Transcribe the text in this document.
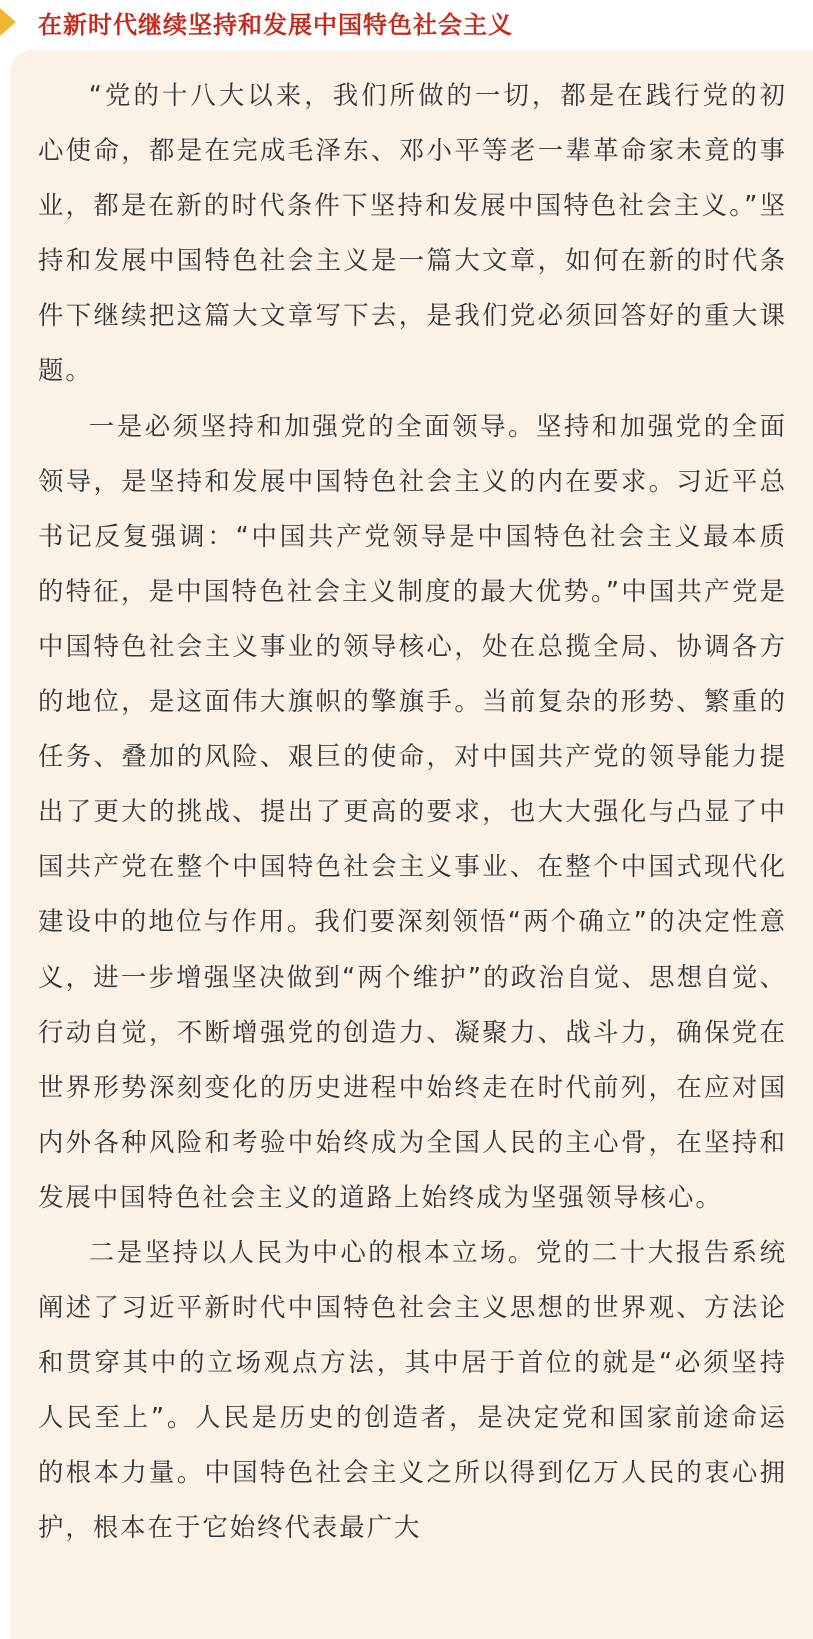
在新时代继续坚持和发展中国特色社会主义

“党的十八大以来，我们所做的一切，都是在践行党的初心使命，都是在完成毛泽东、邓小平等老一辈革命家未竟的事业，都是在新的时代条件下坚持和发展中国特色社会主义。”坚持和发展中国特色社会主义是一篇大文章，如何在新的时代条件下继续把这篇大文章写下去，是我们党必须回答好的重大课题。

一是必须坚持和加强党的全面领导。坚持和加强党的全面领导，是坚持和发展中国特色社会主义的内在要求。习近平总书记反复强调：“中国共产党领导是中国特色社会主义最本质的特征，是中国特色社会主义制度的最大优势。”中国共产党是中国特色社会主义事业的领导核心，处在总揽全局、协调各方的地位，是这面伟大旗帜的擎旗手。当前复杂的形势、繁重的任务、叠加的风险、艰巨的使命，对中国共产党的领导能力提出了更大的挑战、提出了更高的要求，也大大强化与凸显了中国共产党在整个中国特色社会主义事业、在整个中国式现代化建设中的地位与作用。我们要深刻领悟“两个确立”的决定性意义，进一步增强坚决做到“两个维护”的政治自觉、思想自觉、行动自觉，不断增强党的创造力、凝聚力、战斗力，确保党在世界形势深刻变化的历史进程中始终走在时代前列，在应对国内外各种风险和考验中始终成为全国人民的主心骨，在坚持和发展中国特色社会主义的道路上始终成为坚强领导核心。

二是坚持以人民为中心的根本立场。党的二十大报告系统阐述了习近平新时代中国特色社会主义思想的世界观、方法论和贯穿其中的立场观点方法，其中居于首位的就是“必须坚持人民至上”。人民是历史的创造者，是决定党和国家前途命运的根本力量。中国特色社会主义之所以得到亿万人民的衷心拥护，根本在于它始终代表最广大
